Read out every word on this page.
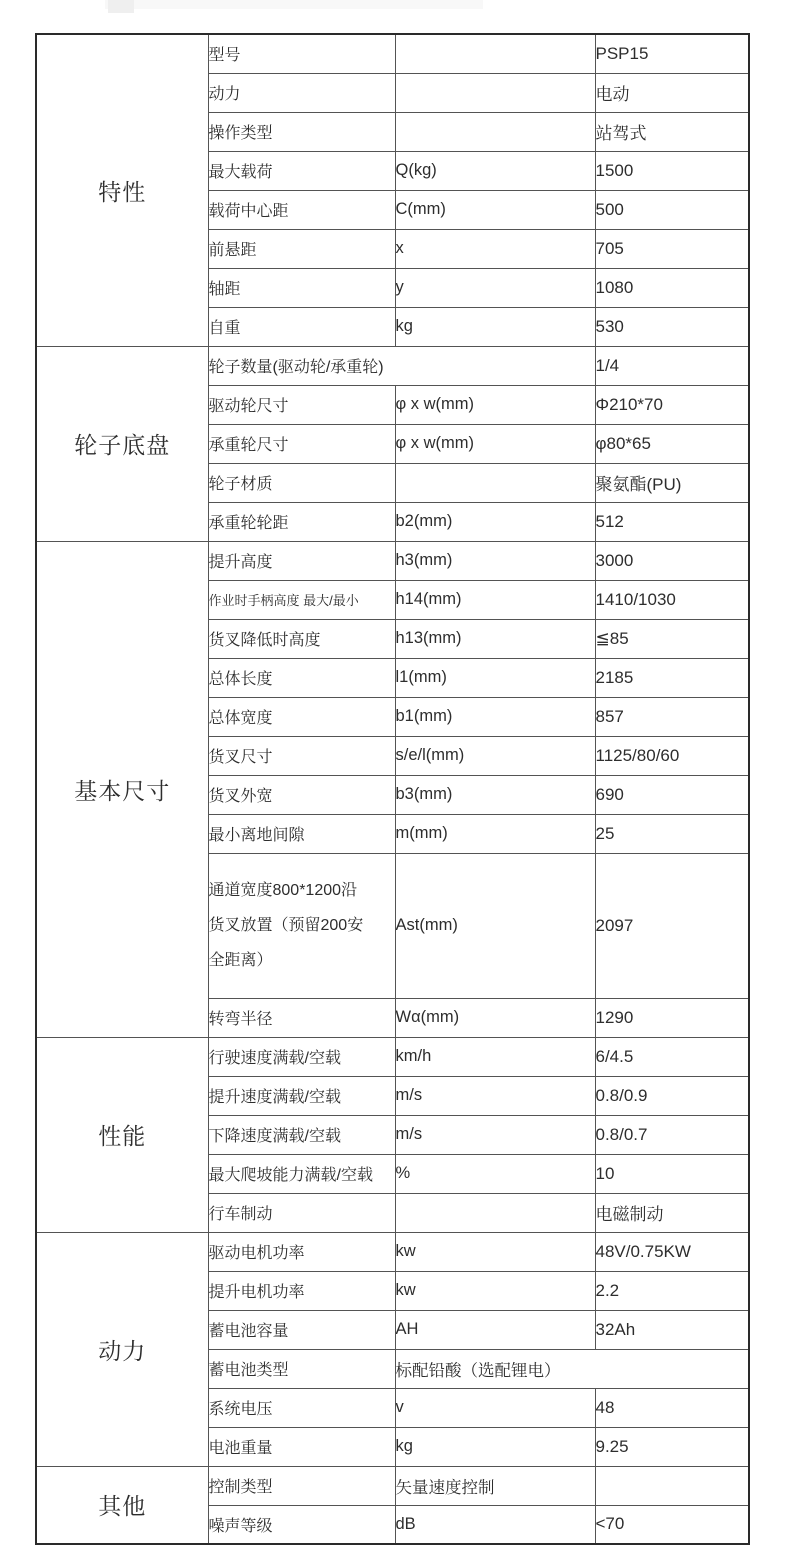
特性	型号		PSP15
	动力		电动
	操作类型		站驾式
	最大载荷	Q(kg)	1500
	载荷中心距	C(mm)	500
	前悬距	x	705
	轴距	y	1080
	自重	kg	530
轮子底盘	轮子数量(驱动轮/承重轮)		1/4
	驱动轮尺寸	φ x w(mm)	Φ210*70
	承重轮尺寸	φ x w(mm)	φ80*65
	轮子材质		聚氨酯(PU)
	承重轮轮距	b2(mm)	512
基本尺寸	提升高度	h3(mm)	3000
	作业时手柄高度 最大/最小	h14(mm)	1410/1030
	货叉降低时高度	h13(mm)	≦85
	总体长度	l1(mm)	2185
	总体宽度	b1(mm)	857
	货叉尺寸	s/e/l(mm)	1125/80/60
	货叉外宽	b3(mm)	690
	最小离地间隙	m(mm)	25
	通道宽度800*1200沿货叉放置（预留200安全距离）	Ast(mm)	2097
	转弯半径	Wα(mm)	1290
性能	行驶速度满载/空载	km/h	6/4.5
	提升速度满载/空载	m/s	0.8/0.9
	下降速度满载/空载	m/s	0.8/0.7
	最大爬坡能力满载/空载	%	10
	行车制动		电磁制动
动力	驱动电机功率	kw	48V/0.75KW
	提升电机功率	kw	2.2
	蓄电池容量	AH	32Ah
	蓄电池类型	标配铅酸（选配锂电）	
	系统电压	v	48
	电池重量	kg	9.25
其他	控制类型	矢量速度控制	
	噪声等级	dB	<70
